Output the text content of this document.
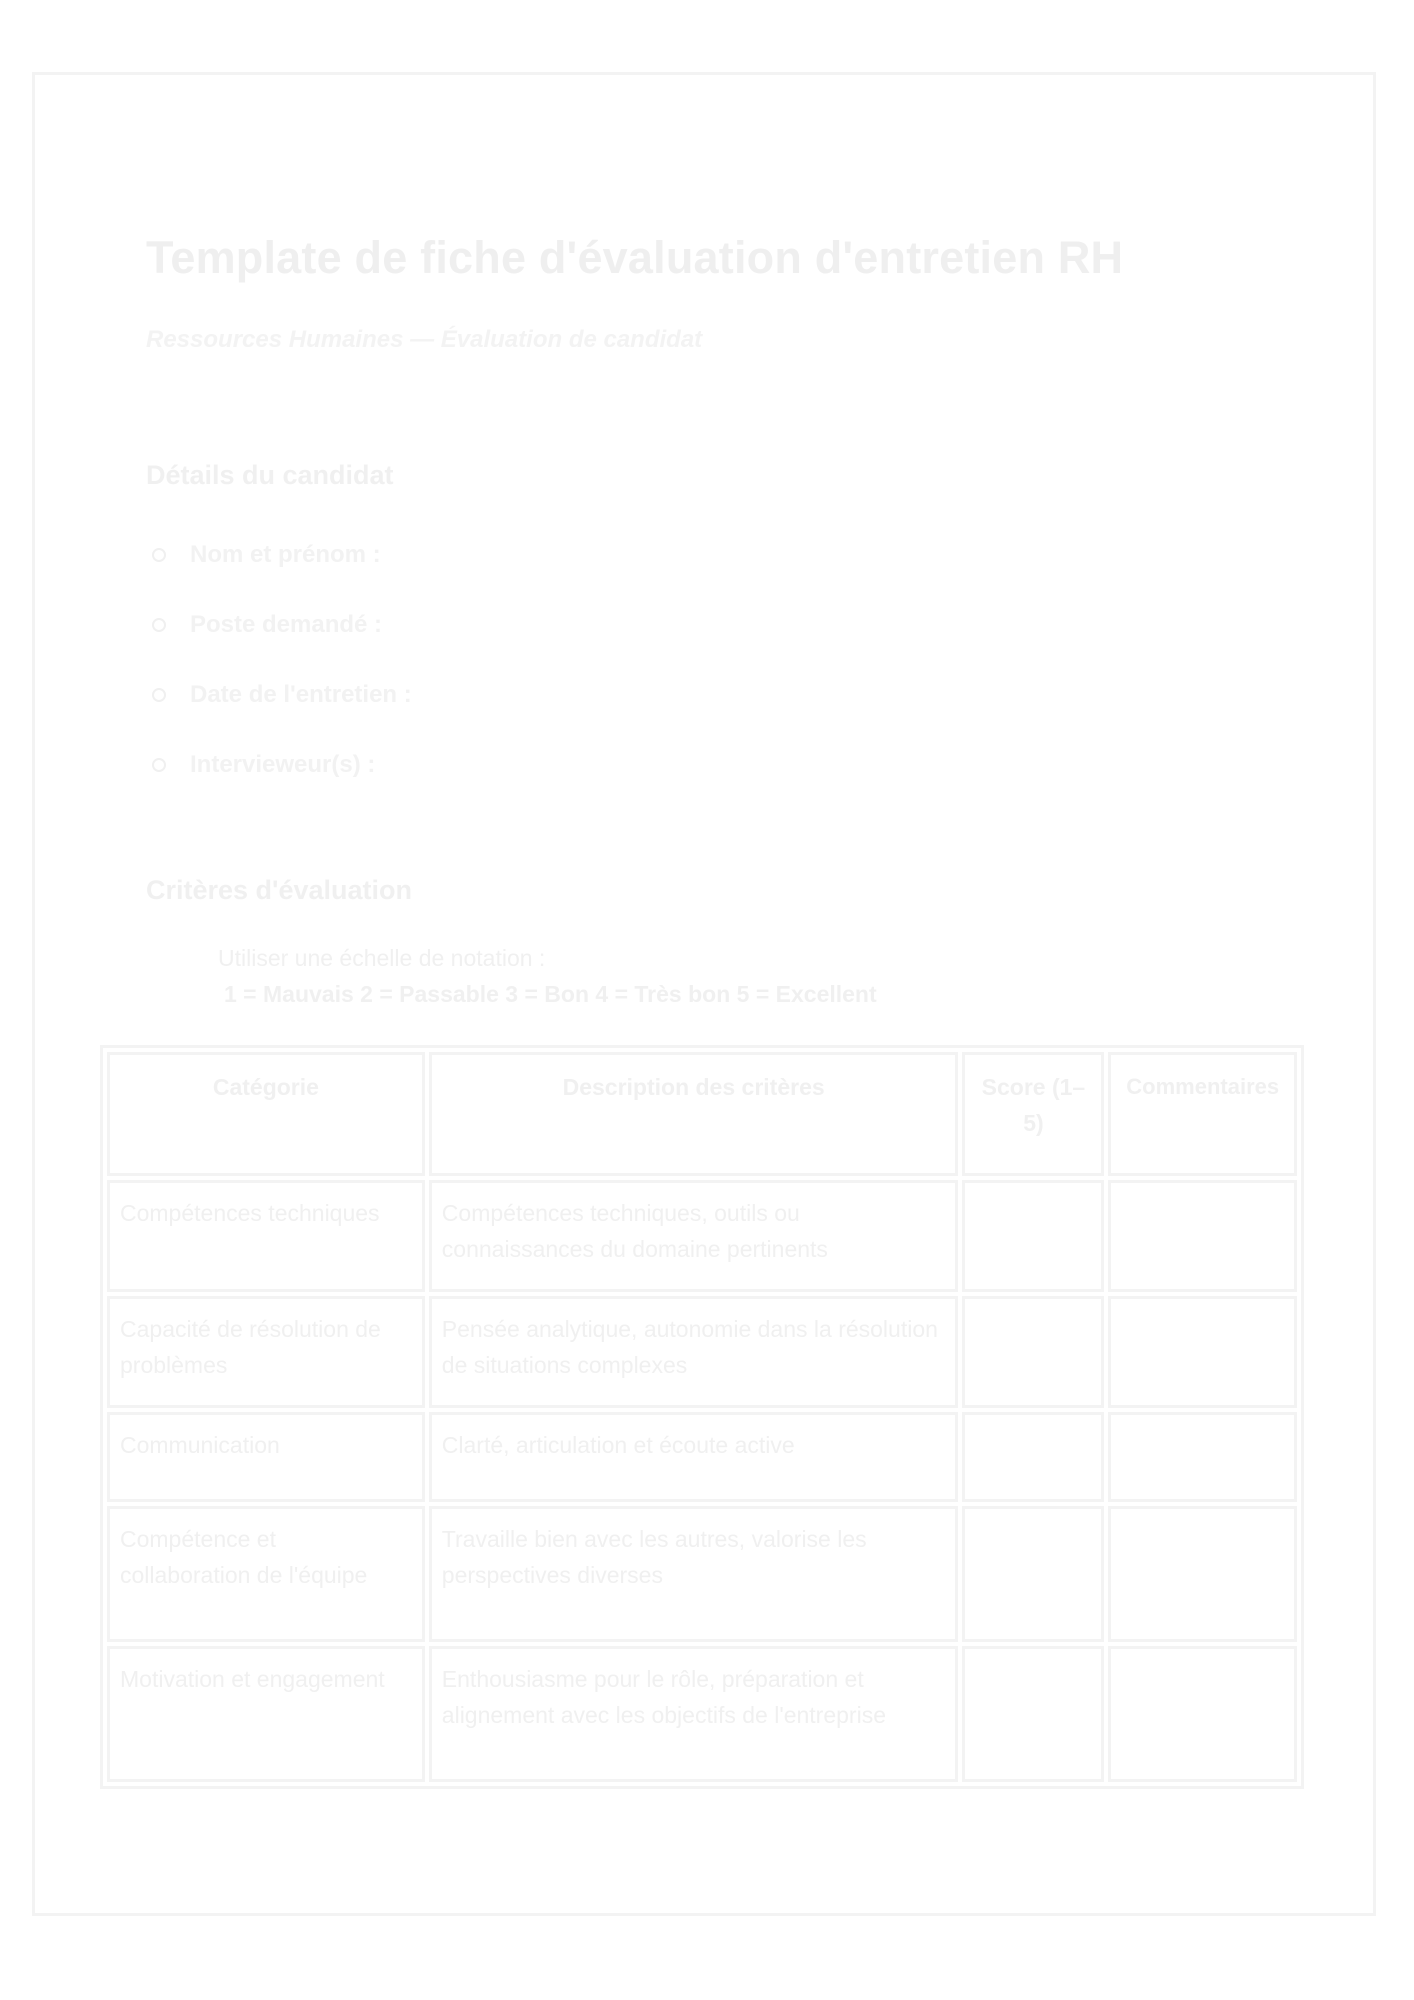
Template de fiche d'évaluation d'entretien RH

Ressources Humaines — Évaluation de candidat

Détails du candidat
Nom et prénom :
Poste demandé :
Date de l'entretien :
Intervieweur(s) :
Critères d'évaluation
Utiliser une échelle de notation :
1 = Mauvais 2 = Passable 3 = Bon 4 = Très bon 5 = Excellent
Catégorie	Description des critères	Score (1–5)	Commentaires
Compétences techniques	Compétences techniques, outils ou connaissances du domaine pertinents		
Capacité de résolution de problèmes	Pensée analytique, autonomie dans la résolution de situations complexes		
Communication	Clarté, articulation et écoute active		
Compétence et collaboration de l'équipe	Travaille bien avec les autres, valorise les perspectives diverses		
Motivation et engagement	Enthousiasme pour le rôle, préparation et alignement avec les objectifs de l'entreprise		
